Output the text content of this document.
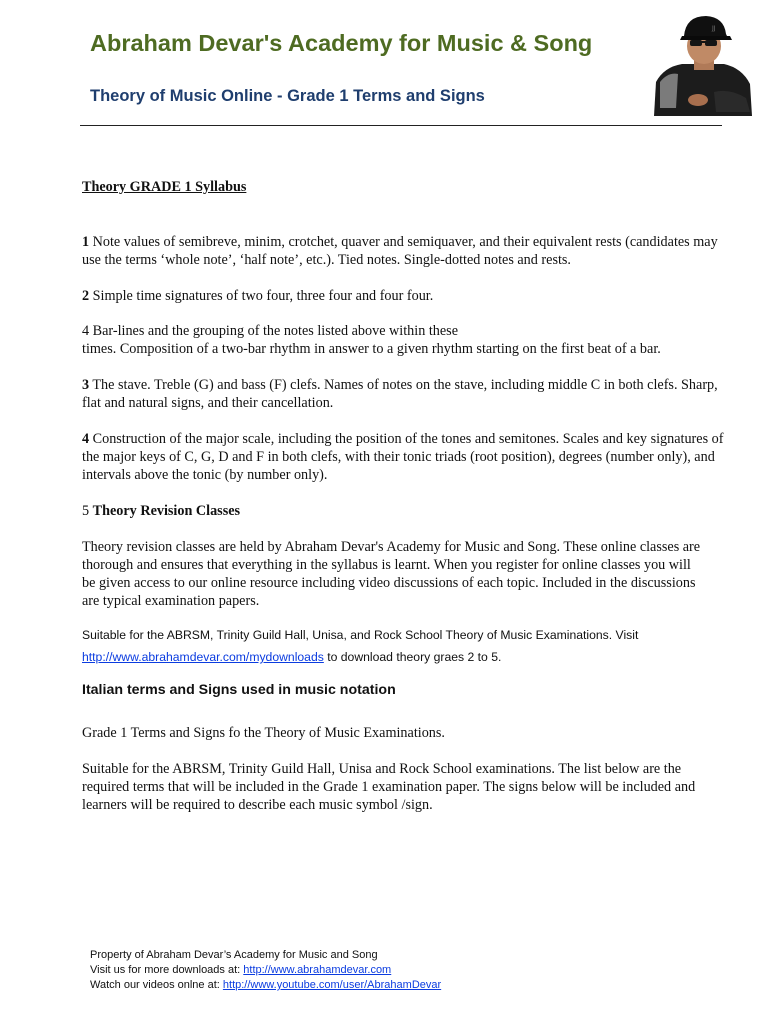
Abraham Devar's Academy for Music & Song
Theory of Music Online - Grade 1 Terms and Signs
JJ
Theory GRADE 1 Syllabus
1 Note values of semibreve, minim, crotchet, quaver and semiquaver, and their equivalent rests (candidates may use the terms ‘whole note’, ‘half note’, etc.). Tied notes. Single-dotted notes and rests.
2 Simple time signatures of two four, three four and four four.
4 Bar-lines and the grouping of the notes listed above within these
times. Composition of a two-bar rhythm in answer to a given rhythm starting on the first beat of a bar.
3 The stave. Treble (G) and bass (F) clefs. Names of notes on the stave, including middle C in both clefs. Sharp, flat and natural signs, and their cancellation.
4 Construction of the major scale, including the position of the tones and semitones. Scales and key signatures of the major keys of C, G, D and F in both clefs, with their tonic triads (root position), degrees (number only), and intervals above the tonic (by number only).
5 Theory Revision Classes
Theory revision classes are held by Abraham Devar's Academy for Music and Song. These online classes are thorough and ensures that everything in the syllabus is learnt. When you register for online classes you will be given access to our online resource including video discussions of each topic. Included in the discussions are typical examination papers.
Suitable for the ABRSM, Trinity Guild Hall, Unisa, and Rock School Theory of Music Examinations. Visit
http://www.abrahamdevar.com/mydownloads to download theory graes 2 to 5.
Italian terms and Signs used in music notation
Grade 1 Terms and Signs fo the Theory of Music Examinations.
Suitable for the ABRSM, Trinity Guild Hall, Unisa and Rock School examinations. The list below are the required terms that will be included in the Grade 1 examination paper. The signs below will be included and learners will be required to describe each music symbol /sign.
Property of Abraham Devar’s Academy for Music and Song
Visit us for more downloads at: http://www.abrahamdevar.com
Watch our videos onlne at: http://www.youtube.com/user/AbrahamDevar
